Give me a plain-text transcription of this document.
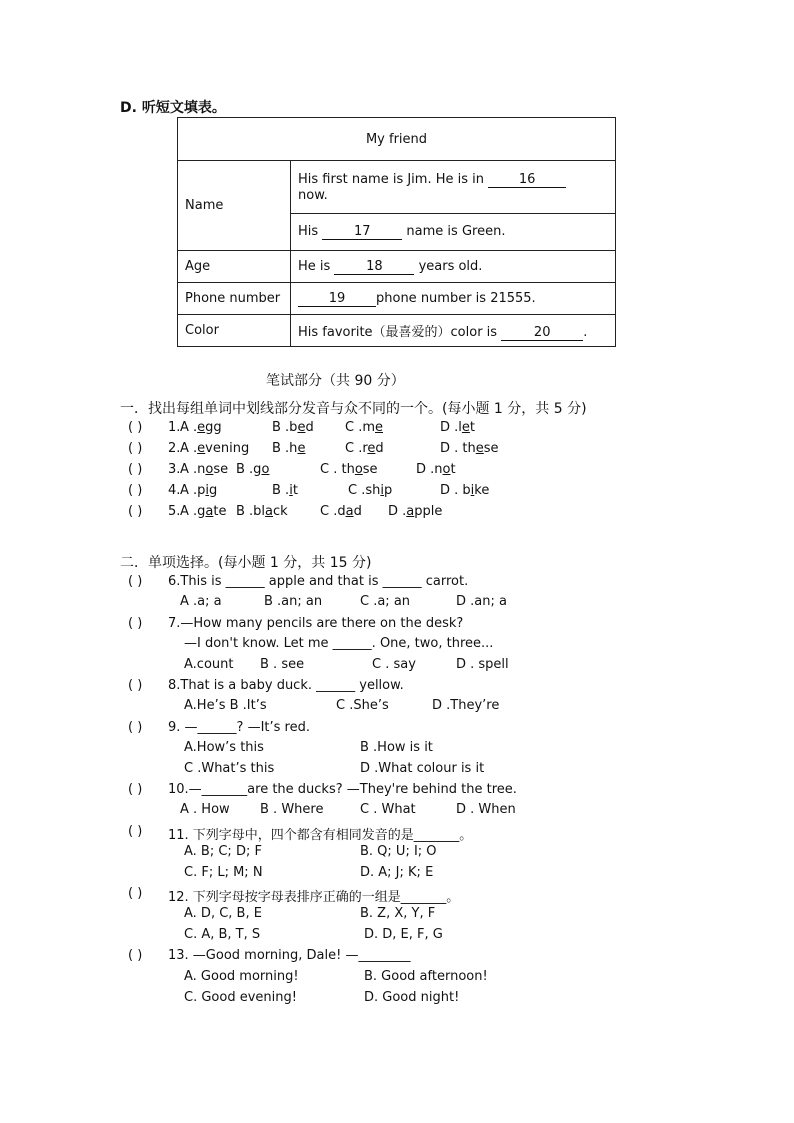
D. 听短文填表。
My friend	
Name	His first name is Jim. He is in 16
now.
	His 17 name is Green.
Age	He is 18 years old.
Phone number	19 phone number is 21555.
Color	His favorite（最喜爱的）color is 20 .
笔试部分（共 90 分）
一．找出每组单词中划线部分发音与众不同的一个。(每小题 1 分，共 5 分)
( ) 1. A .egg	B .bed C .me	D .let
( ) 2. A .evening B .he	C .red	D . these
( ) 3. A .nose B .go	C . those	D .not
( ) 4. A .pig	B .it	C .ship	D . bike
( ) 5. A .gate B .black C .dad D .apple
二．单项选择。(每小题 1 分，共 15 分)
( ) 6.This is ______ apple and that is ______ carrot.
A .a; a	B .an; an	C .a; an	D .an; a
( ) 7.—How many pencils are there on the desk?
—I don't know. Let me ______. One, two, three...
A.count B . see	C . say	D . spell
( ) 8.That is a baby duck. ______ yellow.
A.He’s B .It’s	C .She’s	D .They’re
( ) 9. —______? —It’s red.
A.How’s this	B .How is it
C .What’s this	D .What colour is it
( ) 10.—_______are the ducks? —They're behind the tree.
A . How B . Where	C . What	D . When
( ) 11. 下列字母中，四个都含有相同发音的是_______。
A. B; C; D; F	B. Q; U; I; O
C. F; L; M; N	D. A; J; K; E
( ) 12. 下列字母按字母表排序正确的一组是_______。
A. D, C, B, E	B. Z, X, Y, F
C. A, B, T, S	D. D, E, F, G
( ) 13. —Good morning, Dale! —________
A. Good morning!	B. Good afternoon!
C. Good evening!	D. Good night!
